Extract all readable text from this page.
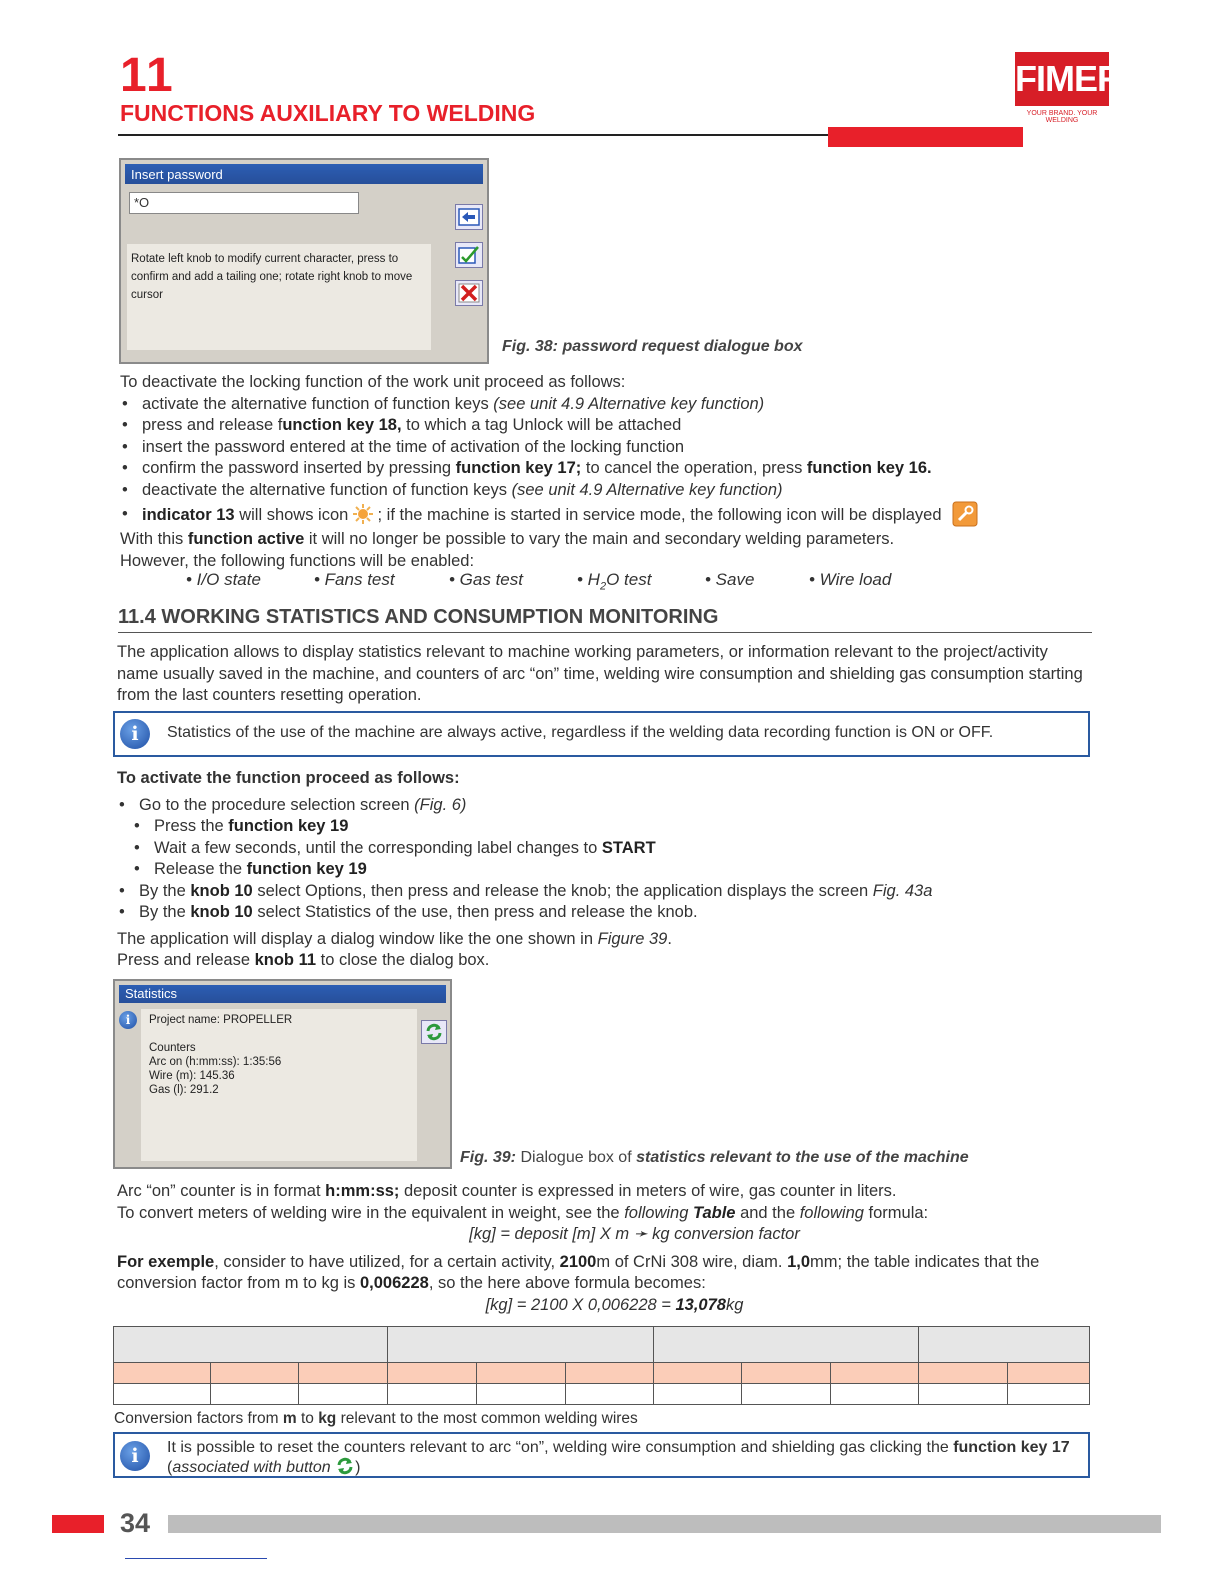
11
FUNCTIONS AUXILIARY TO WELDING
FIMER
YOUR BRAND. YOUR WELDING
Insert password
*O
Rotate left knob to modify current character, press to confirm and add a tailing one; rotate right knob to move cursor
Fig. 38: password request dialogue box
To deactivate the locking function of the work unit proceed as follows:
• activate the alternative function of function keys (see unit 4.9 Alternative key function)
• press and release function key 18, to which a tag Unlock will be attached
• insert the password entered at the time of activation of the locking function
• confirm the password inserted by pressing function key 17; to cancel the operation, press function key 16.
• deactivate the alternative function of function keys (see unit 4.9 Alternative key function)
• indicator 13 will shows icon  ; if the machine is started in service mode, the following icon will be displayed
With this function active it will no longer be possible to vary the main and secondary welding parameters.
However, the following functions will be enabled:
• I/O state	• Fans test	• Gas test	• $H_2O$ test	• Save	• Wire load
11.4 WORKING STATISTICS AND CONSUMPTION MONITORING
The application allows to display statistics relevant to machine working parameters, or information relevant to the project/activity name usually saved in the machine, and counters of arc “on” time, welding wire consumption and shielding gas consumption starting from the last counters resetting operation.
i	Statistics of the use of the machine are always active, regardless if the welding data recording function is ON or OFF.
To activate the function proceed as follows:
• Go to the procedure selection screen (Fig. 6)
• Press the function key 19
• Wait a few seconds, until the corresponding label changes to START
• Release the function key 19
• By the knob 10 select Options, then press and release the knob; the application displays the screen Fig. 43a
• By the knob 10 select Statistics of the use, then press and release the knob.
The application will display a dialog window like the one shown in Figure 39.
Press and release knob 11 to close the dialog box.
Statistics
i	Project name: PROPELLER
Counters
Arc on (h:mm:ss): 1:35:56
Wire (m): 145.36
Gas (l): 291.2
Fig. 39: Dialogue box of statistics relevant to the use of the machine
Arc “on” counter is in format h:mm:ss; deposit counter is expressed in meters of wire, gas counter in liters.
To convert meters of welding wire in the equivalent in weight, see the following Table and the following formula:
[kg] = deposit [m] X m ➛ kg conversion factor
For exemple, consider to have utilized, for a certain activity, 2100m of CrNi 308 wire, diam. 1,0mm; the table indicates that the conversion factor from m to kg is 0,006228, so the here above formula becomes:
[kg] = 2100 X 0,006228 = 13,078kg

Conversion factors from m to kg relevant to the most common welding wires
i	It is possible to reset the counters relevant to arc “on”, welding wire consumption and shielding gas clicking the function key 17 (associated with button )
34
